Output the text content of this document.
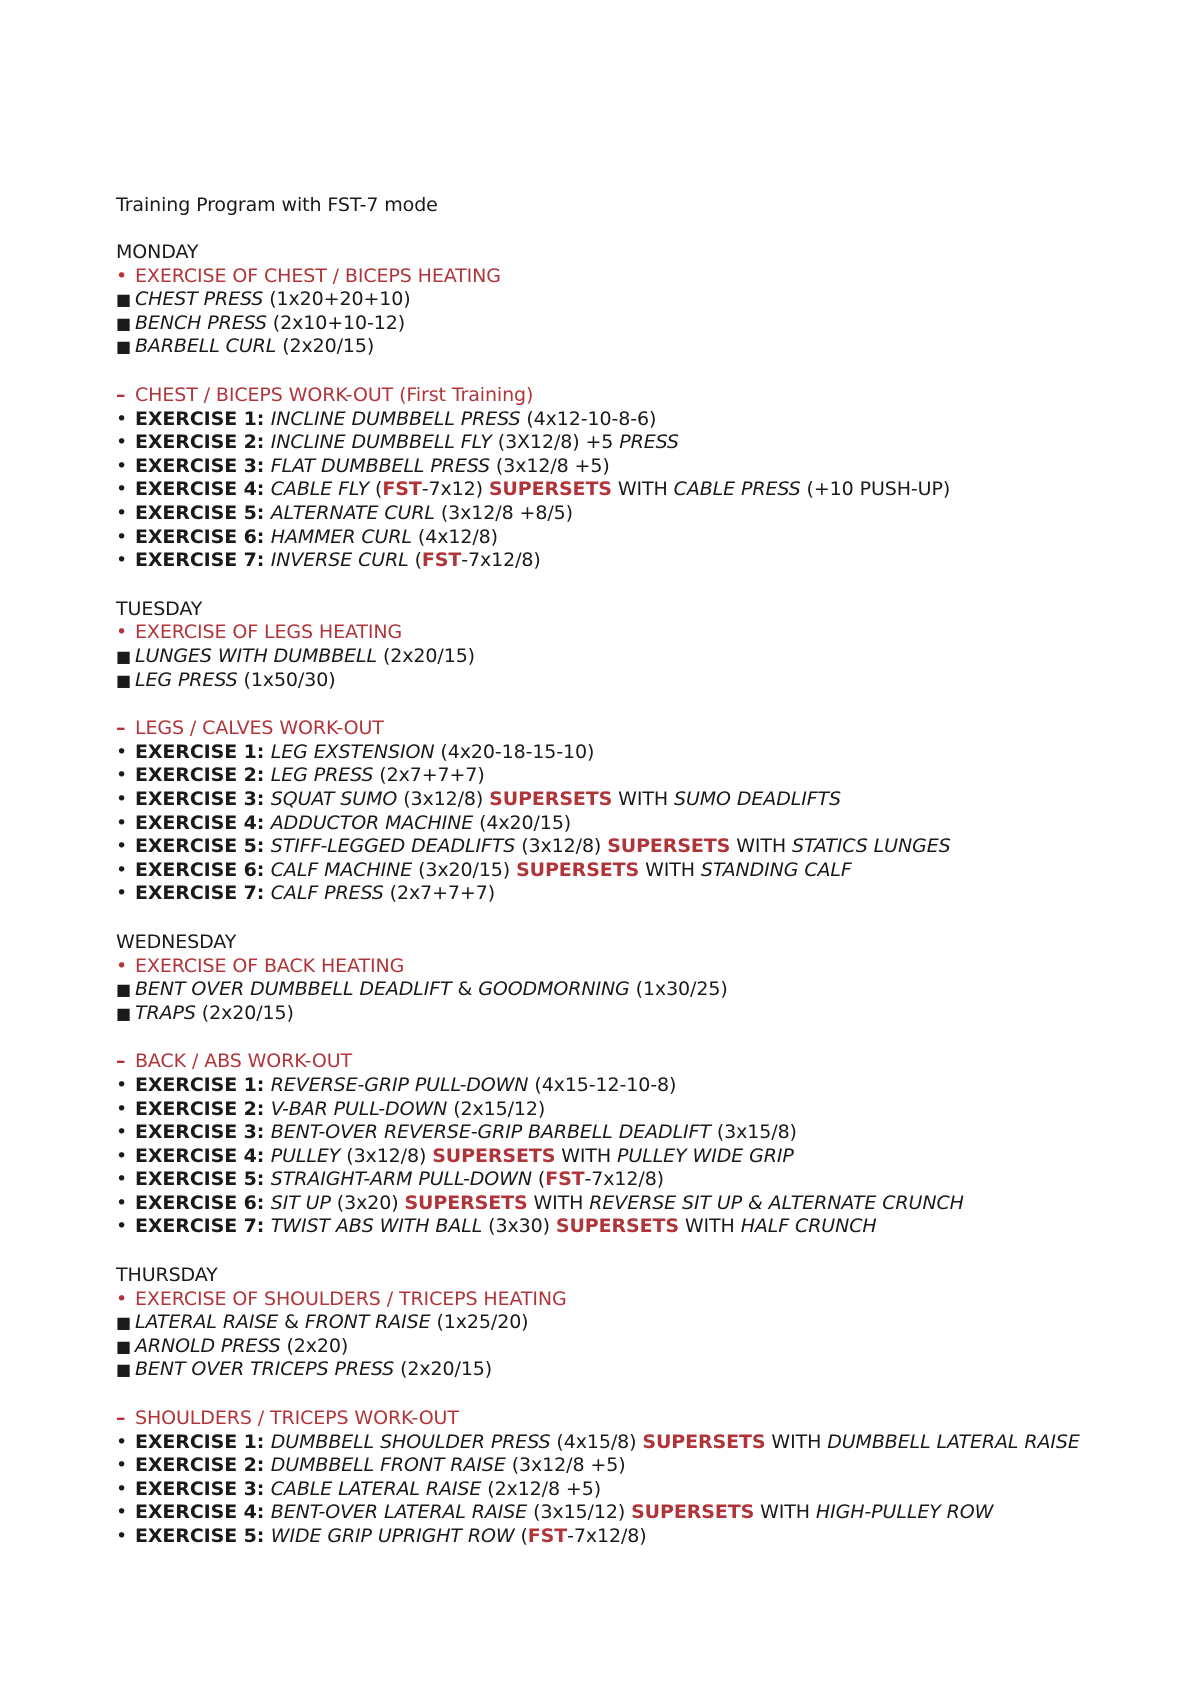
Training Program with FST-7 mode
MONDAY
• EXERCISE OF CHEST / BICEPS HEATING
■ CHEST PRESS (1x20+20+10)
■ BENCH PRESS (2x10+10-12)
■ BARBELL CURL (2x20/15)
– CHEST / BICEPS WORK-OUT (First Training)
• EXERCISE 1: INCLINE DUMBBELL PRESS (4x12-10-8-6)
• EXERCISE 2: INCLINE DUMBBELL FLY (3X12/8) +5 PRESS
• EXERCISE 3: FLAT DUMBBELL PRESS (3x12/8 +5)
• EXERCISE 4: CABLE FLY (FST-7x12) SUPERSETS WITH CABLE PRESS (+10 PUSH-UP)
• EXERCISE 5: ALTERNATE CURL (3x12/8 +8/5)
• EXERCISE 6: HAMMER CURL (4x12/8)
• EXERCISE 7: INVERSE CURL (FST-7x12/8)
TUESDAY
• EXERCISE OF LEGS HEATING
■ LUNGES WITH DUMBBELL (2x20/15)
■ LEG PRESS (1x50/30)
– LEGS / CALVES WORK-OUT
• EXERCISE 1: LEG EXSTENSION (4x20-18-15-10)
• EXERCISE 2: LEG PRESS (2x7+7+7)
• EXERCISE 3: SQUAT SUMO (3x12/8) SUPERSETS WITH SUMO DEADLIFTS
• EXERCISE 4: ADDUCTOR MACHINE (4x20/15)
• EXERCISE 5: STIFF-LEGGED DEADLIFTS (3x12/8) SUPERSETS WITH STATICS LUNGES
• EXERCISE 6: CALF MACHINE (3x20/15) SUPERSETS WITH STANDING CALF
• EXERCISE 7: CALF PRESS (2x7+7+7)
WEDNESDAY
• EXERCISE OF BACK HEATING
■ BENT OVER DUMBBELL DEADLIFT & GOODMORNING (1x30/25)
■ TRAPS (2x20/15)
– BACK / ABS WORK-OUT
• EXERCISE 1: REVERSE-GRIP PULL-DOWN (4x15-12-10-8)
• EXERCISE 2: V-BAR PULL-DOWN (2x15/12)
• EXERCISE 3: BENT-OVER REVERSE-GRIP BARBELL DEADLIFT (3x15/8)
• EXERCISE 4: PULLEY (3x12/8) SUPERSETS WITH PULLEY WIDE GRIP
• EXERCISE 5: STRAIGHT-ARM PULL-DOWN (FST-7x12/8)
• EXERCISE 6: SIT UP (3x20) SUPERSETS WITH REVERSE SIT UP & ALTERNATE CRUNCH
• EXERCISE 7: TWIST ABS WITH BALL (3x30) SUPERSETS WITH HALF CRUNCH
THURSDAY
• EXERCISE OF SHOULDERS / TRICEPS HEATING
■ LATERAL RAISE & FRONT RAISE (1x25/20)
■ ARNOLD PRESS (2x20)
■ BENT OVER TRICEPS PRESS (2x20/15)
– SHOULDERS / TRICEPS WORK-OUT
• EXERCISE 1: DUMBBELL SHOULDER PRESS (4x15/8) SUPERSETS WITH DUMBBELL LATERAL RAISE
• EXERCISE 2: DUMBBELL FRONT RAISE (3x12/8 +5)
• EXERCISE 3: CABLE LATERAL RAISE (2x12/8 +5)
• EXERCISE 4: BENT-OVER LATERAL RAISE (3x15/12) SUPERSETS WITH HIGH-PULLEY ROW
• EXERCISE 5: WIDE GRIP UPRIGHT ROW (FST-7x12/8)
